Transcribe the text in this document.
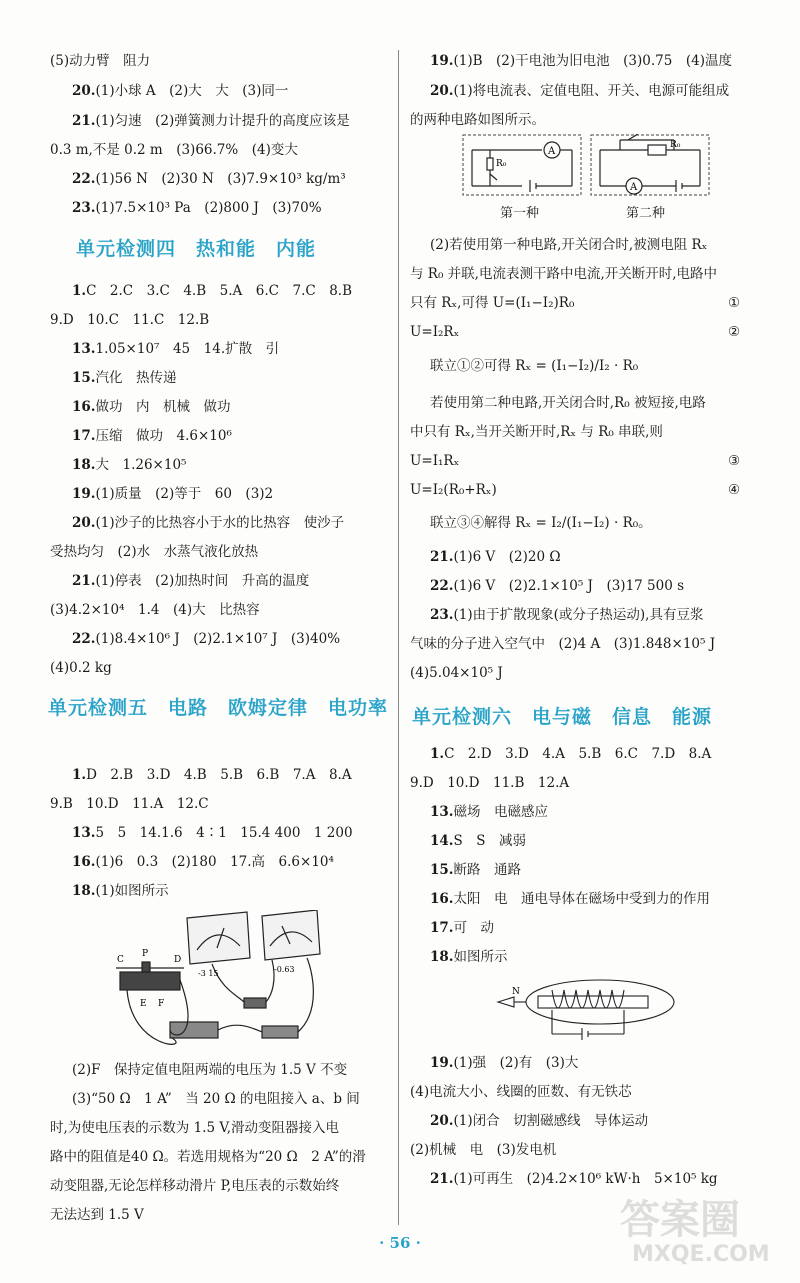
(5)动力臂　阻力
20.(1)小球 A　(2)大　大　(3)同一
21.(1)匀速　(2)弹簧测力计提升的高度应该是
0.3 m,不是 0.2 m　(3)66.7%　(4)变大
22.(1)56 N　(2)30 N　(3)7.9×10³ kg/m³
23.(1)7.5×10³ Pa　(2)800 J　(3)70%
单元检测四　热和能　内能
1.C　2.C　3.C　4.B　5.A　6.C　7.C　8.B
9.D　10.C　11.C　12.B
13.1.05×10⁷　45　14.扩散　引
15.汽化　热传递
16.做功　内　机械　做功
17.压缩　做功　4.6×10⁶
18.大　1.26×10⁵
19.(1)质量　(2)等于　60　(3)2
20.(1)沙子的比热容小于水的比热容　使沙子
受热均匀　(2)水　水蒸气液化放热
21.(1)停表　(2)加热时间　升高的温度
(3)4.2×10⁴　1.4　(4)大　比热容
22.(1)8.4×10⁶ J　(2)2.1×10⁷ J　(3)40%
(4)0.2 kg
单元检测五　电路　欧姆定律　电功率
1.D　2.B　3.D　4.B　5.B　6.B　7.A　8.A
9.B　10.D　11.A　12.C
13.5　5　14.1.6　4∶1　15.4 400　1 200
16.(1)6　0.3　(2)180　17.高　6.6×10⁴
18.(1)如图所示
C
P
D
E F
-3 15	-0.63
(2)F　保持定值电阻两端的电压为 1.5 V 不变
(3)“50 Ω　1 A”　当 20 Ω 的电阻接入 a、b 间
时,为使电压表的示数为 1.5 V,滑动变阻器接入电
路中的阻值是40 Ω。若选用规格为“20 Ω　2 A”的滑
动变阻器,无论怎样移动滑片 P,电压表的示数始终
无法达到 1.5 V
19.(1)B　(2)干电池为旧电池　(3)0.75　(4)温度
20.(1)将电流表、定值电阻、开关、电源可能组成
的两种电路如图所示。
A
R₀
A
R₀
第一种	第二种
(2)若使用第一种电路,开关闭合时,被测电阻 Rₓ
与 R₀ 并联,电流表测干路中电流,开关断开时,电路中
只有 Rₓ,可得 U=(I₁−I₂)R₀	①
U=I₂Rₓ	②
联立①②可得 Rₓ = (I₁−I₂)/I₂ · R₀
若使用第二种电路,开关闭合时,R₀ 被短接,电路
中只有 Rₓ,当开关断开时,Rₓ 与 R₀ 串联,则
U=I₁Rₓ	③
U=I₂(R₀+Rₓ)	④
联立③④解得 Rₓ = I₂/(I₁−I₂) · R₀。
21.(1)6 V　(2)20 Ω
22.(1)6 V　(2)2.1×10⁵ J　(3)17 500 s
23.(1)由于扩散现象(或分子热运动),具有豆浆
气味的分子进入空气中　(2)4 A　(3)1.848×10⁵ J
(4)5.04×10⁵ J
单元检测六　电与磁　信息　能源
1.C　2.D　3.D　4.A　5.B　6.C　7.D　8.A
9.D　10.D　11.B　12.A
13.磁场　电磁感应
14.S　S　减弱
15.断路　通路
16.太阳　电　通电导体在磁场中受到力的作用
17.可　动
18.如图所示
N
19.(1)强　(2)有　(3)大
(4)电流大小、线圈的匝数、有无铁芯
20.(1)闭合　切割磁感线　导体运动
(2)机械　电　(3)发电机
21.(1)可再生　(2)4.2×10⁶ kW·h　5×10⁵ kg
· 56 ·	答案圈
MXQE.COM
